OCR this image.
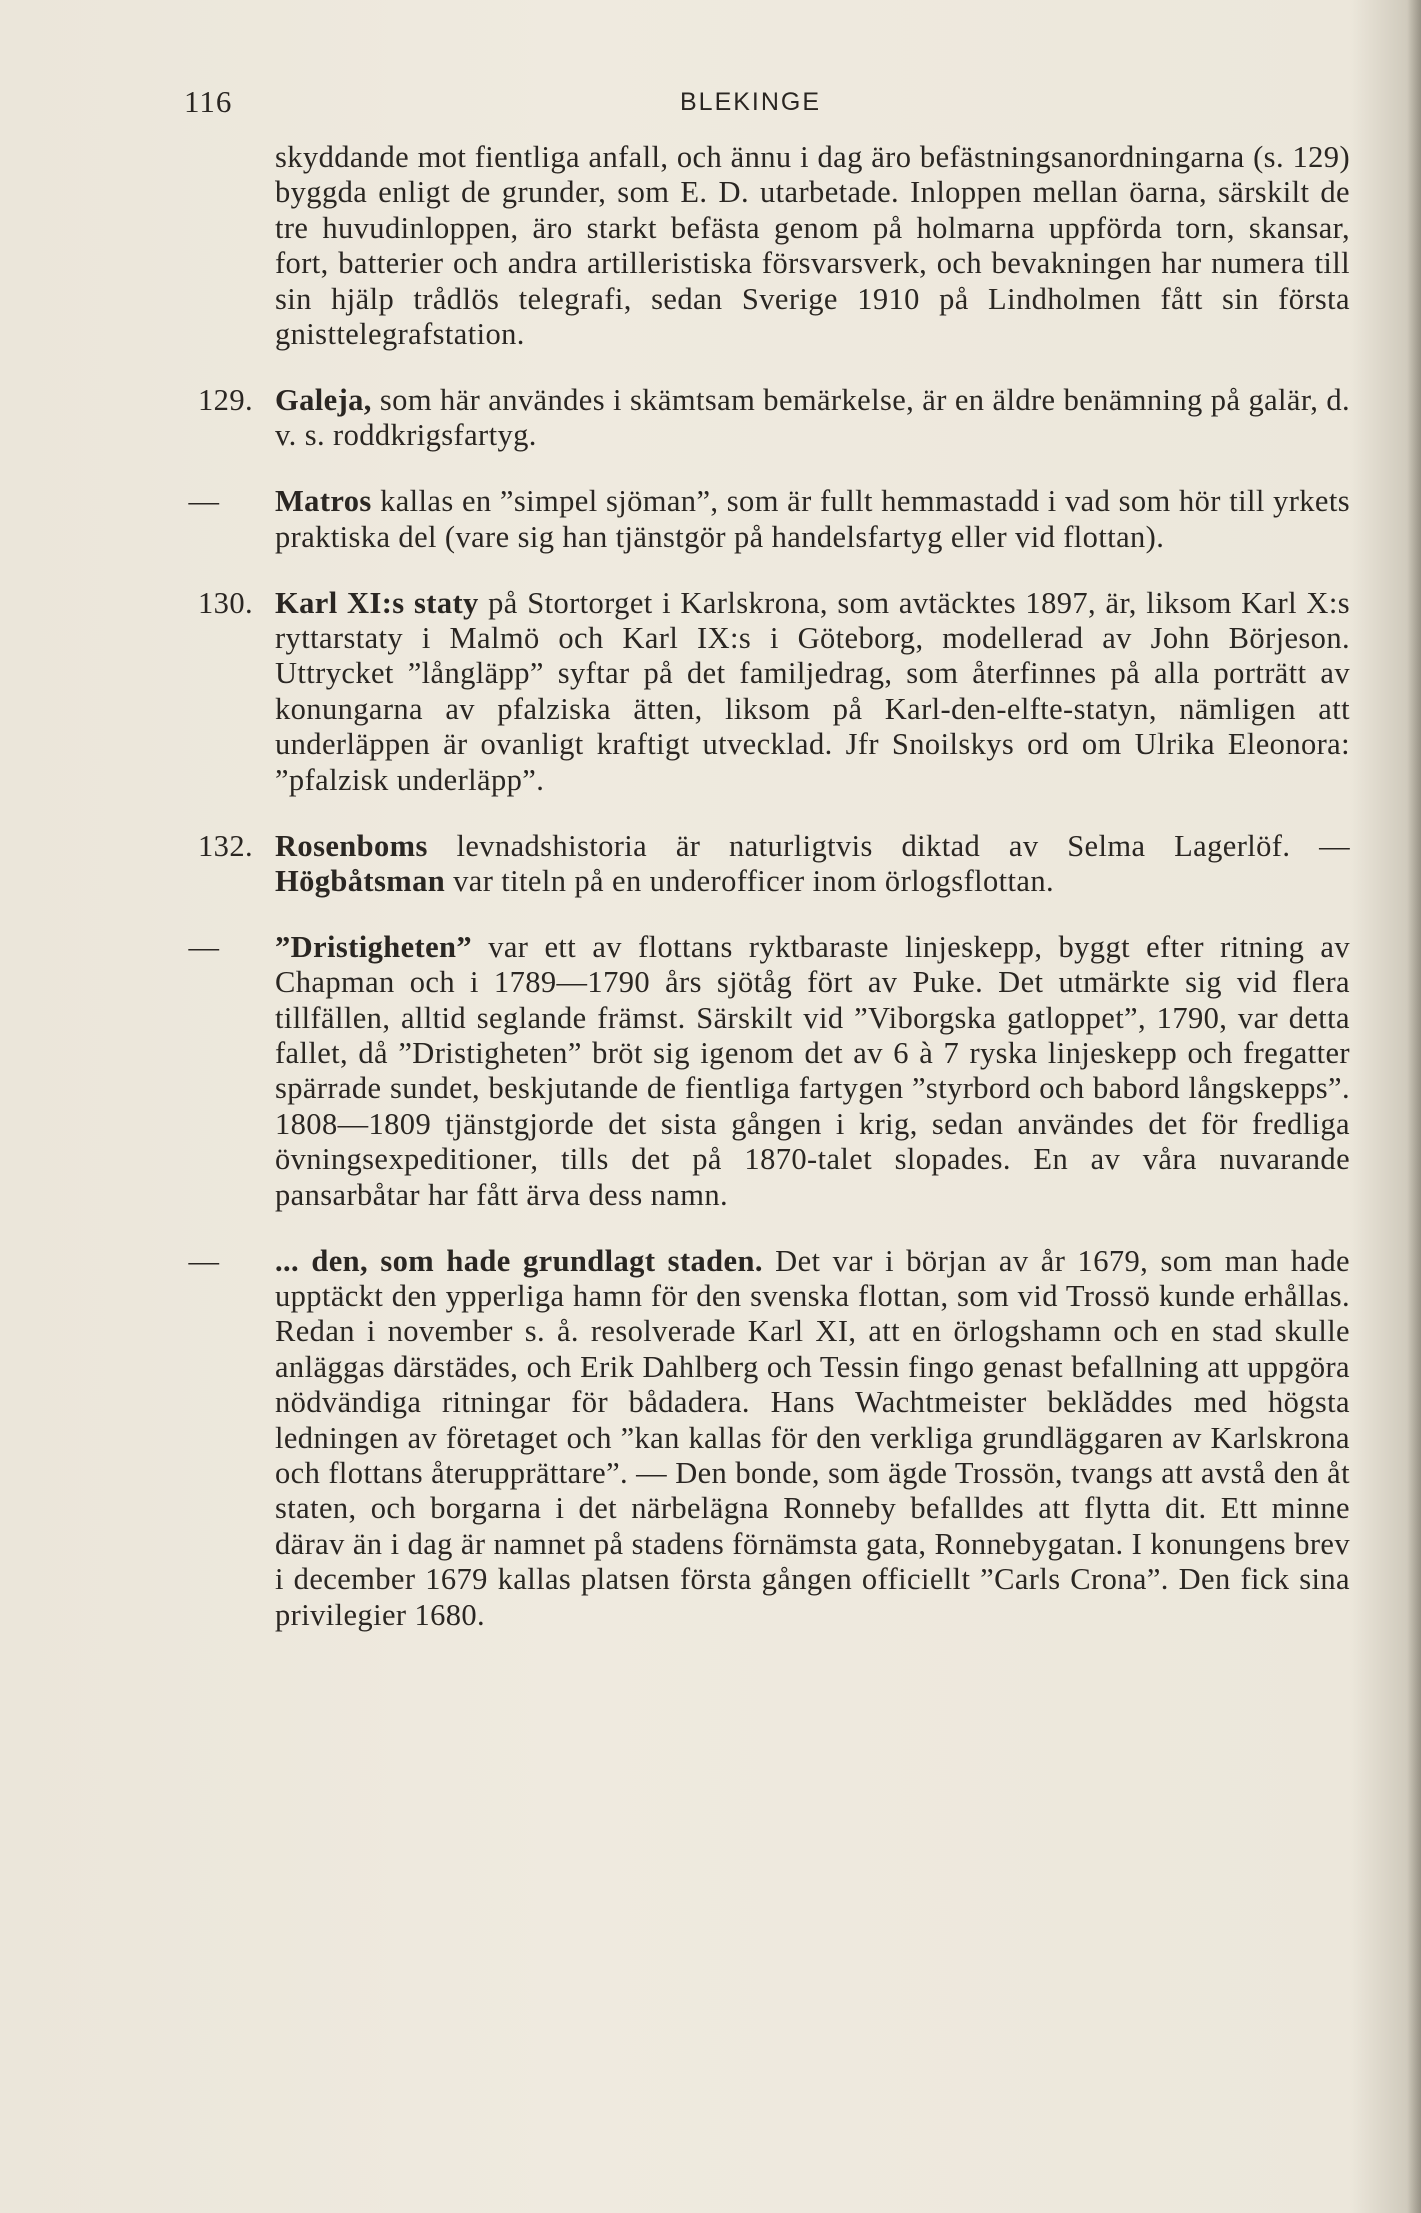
116	BLEKINGE

skyddande mot fientliga anfall, och ännu i dag äro befästningsanordningarna (s. 129) byggda enligt de grunder, som E. D. utarbetade. Inloppen mellan öarna, särskilt de tre huvudinloppen, äro starkt befästa genom på holmarna uppförda torn, skansar, fort, batterier och andra artilleristiska försvarsverk, och bevakningen har numera till sin hjälp trådlös telegrafi, sedan Sverige 1910 på Lindholmen fått sin första gnisttelegrafstation.

129. Galeja, som här användes i skämtsam bemärkelse, är en äldre benämning på galär, d. v. s. roddkrigsfartyg.

—	Matros kallas en ”simpel sjöman”, som är fullt hemmastadd i vad som hör till yrkets praktiska del (vare sig han tjänstgör på handelsfartyg eller vid flottan).

130. Karl XI:s staty på Stortorget i Karlskrona, som avtäcktes 1897, är, liksom Karl X:s ryttarstaty i Malmö och Karl IX:s i Göteborg, modellerad av John Börjeson. Uttrycket ”långläpp” syftar på det familjedrag, som återfinnes på alla porträtt av konungarna av pfalziska ätten, liksom på Karl-den-elfte-statyn, nämligen att underläppen är ovanligt kraftigt utvecklad. Jfr Snoilskys ord om Ulrika Eleonora: ”pfalzisk underläpp”.

132. Rosenboms levnadshistoria är naturligtvis diktad av Selma Lagerlöf. — Högbåtsman var titeln på en underofficer inom örlogsflottan.

—	”Dristigheten” var ett av flottans ryktbaraste linjeskepp, byggt efter ritning av Chapman och i 1789—1790 års sjötåg fört av Puke. Det utmärkte sig vid flera tillfällen, alltid seglande främst. Särskilt vid ”Viborgska gatloppet”, 1790, var detta fallet, då ”Dristigheten” bröt sig igenom det av 6 à 7 ryska linjeskepp och fregatter spärrade sundet, beskjutande de fientliga fartygen ”styrbord och babord långskepps”. 1808—1809 tjänstgjorde det sista gången i krig, sedan användes det för fredliga övningsexpeditioner, tills det på 1870-talet slopades. En av våra nuvarande pansarbåtar har fått ärva dess namn.

—	... den, som hade grundlagt staden. Det var i början av år 1679, som man hade upptäckt den ypperliga hamn för den svenska flottan, som vid Trossö kunde erhållas. Redan i november s. å. resolverade Karl XI, att en örlogshamn och en stad skulle anläggas därstädes, och Erik Dahlberg och Tessin fingo genast befallning att uppgöra nödvändiga ritningar för bådadera. Hans Wachtmeister beklăddes med högsta ledningen av företaget och ”kan kallas för den verkliga grundläggaren av Karlskrona och flottans återupprättare”. — Den bonde, som ägde Trossön, tvangs att avstå den åt staten, och borgarna i det närbelägna Ronneby befalldes att flytta dit. Ett minne därav än i dag är namnet på stadens förnämsta gata, Ronnebygatan. I konungens brev i december 1679 kallas platsen första gången officiellt ”Carls Crona”. Den fick sina privilegier 1680.
